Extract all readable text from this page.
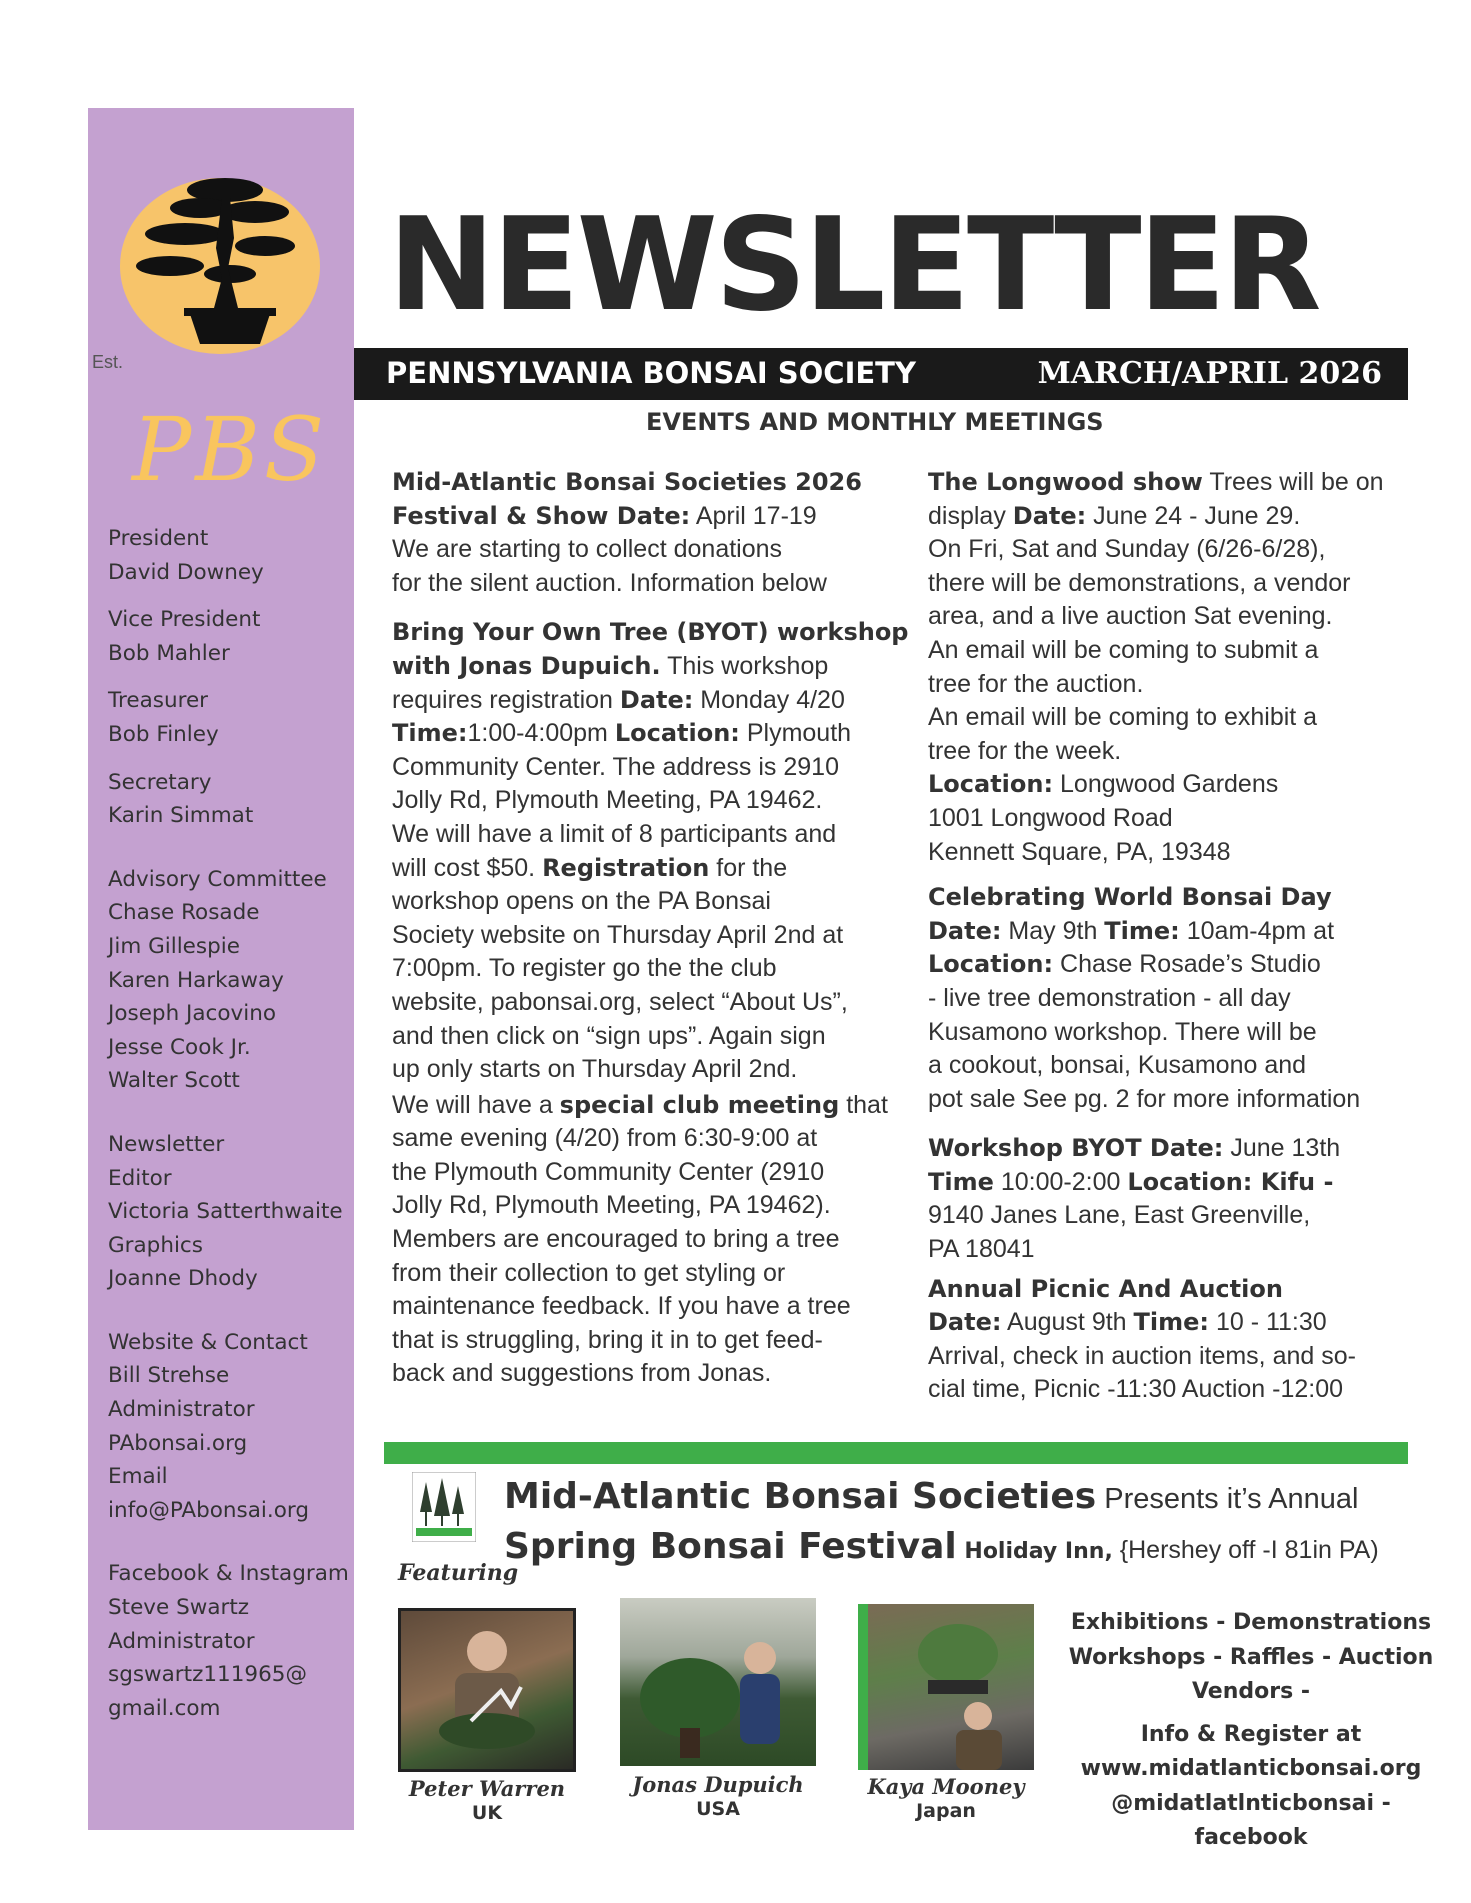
Est.
PBS
President
David Downey
Vice President
Bob Mahler
Treasurer
Bob Finley
Secretary
Karin Simmat
Advisory Committee
Chase Rosade
Jim Gillespie
Karen Harkaway
Joseph Jacovino
Jesse Cook Jr.
Walter Scott
Newsletter
Editor
Victoria Satterthwaite
Graphics
Joanne Dhody
Website & Contact
Bill Strehse
Administrator
PAbonsai.org
Email
info@PAbonsai.org
Facebook & Instagram
Steve Swartz
Administrator
sgswartz111965@
gmail.com
NEWSLETTER
PENNSYLVANIA BONSAI SOCIETY	MARCH/APRIL 2026
EVENTS AND MONTHLY MEETINGS

Mid-Atlantic Bonsai Societies 2026
Festival & Show Date: April 17-19
We are starting to collect donations
for the silent auction. Information below

Bring Your Own Tree (BYOT) workshop
with Jonas Dupuich. This workshop
requires registration Date: Monday 4/20
Time:1:00-4:00pm Location: Plymouth
Community Center. The address is 2910
Jolly Rd, Plymouth Meeting, PA 19462.
We will have a limit of 8 participants and
will cost $50. Registration for the
workshop opens on the PA Bonsai
Society website on Thursday April 2nd at
7:00pm. To register go the the club
website, pabonsai.org, select “About Us”,
and then click on “sign ups”. Again sign
up only starts on Thursday April 2nd.

We will have a special club meeting that
same evening (4/20) from 6:30-9:00 at
the Plymouth Community Center (2910
Jolly Rd, Plymouth Meeting, PA 19462).
Members are encouraged to bring a tree
from their collection to get styling or
maintenance feedback. If you have a tree
that is struggling, bring it in to get feed-
back and suggestions from Jonas.

The Longwood show Trees will be on
display Date: June 24 - June 29.
On Fri, Sat and Sunday (6/26-6/28),
there will be demonstrations, a vendor
area, and a live auction Sat evening.
An email will be coming to submit a
tree for the auction.
An email will be coming to exhibit a
tree for the week.
Location: Longwood Gardens
1001 Longwood Road
Kennett Square, PA, 19348

Celebrating World Bonsai Day
Date: May 9th Time: 10am-4pm at
Location: Chase Rosade’s Studio
- live tree demonstration - all day
Kusamono workshop. There will be
a cookout, bonsai, Kusamono and
pot sale See pg. 2 for more information

Workshop BYOT Date: June 13th
Time 10:00-2:00 Location: Kifu -
9140 Janes Lane, East Greenville,
PA 18041

Annual Picnic And Auction
Date: August 9th Time: 10 - 11:30
Arrival, check in auction items, and so-
cial time, Picnic -11:30 Auction -12:00

Featuring
Mid-Atlantic Bonsai Societies Presents it’s Annual
Spring Bonsai Festival Holiday Inn, {Hershey off -I 81in PA)
Peter Warren
UK
Jonas Dupuich
USA
Kaya Mooney
Japan
Exhibitions - Demonstrations
Workshops - Raffles - Auction
Vendors -
Info & Register at
www.midatlanticbonsai.org
@midatlatlnticbonsai - facebook
